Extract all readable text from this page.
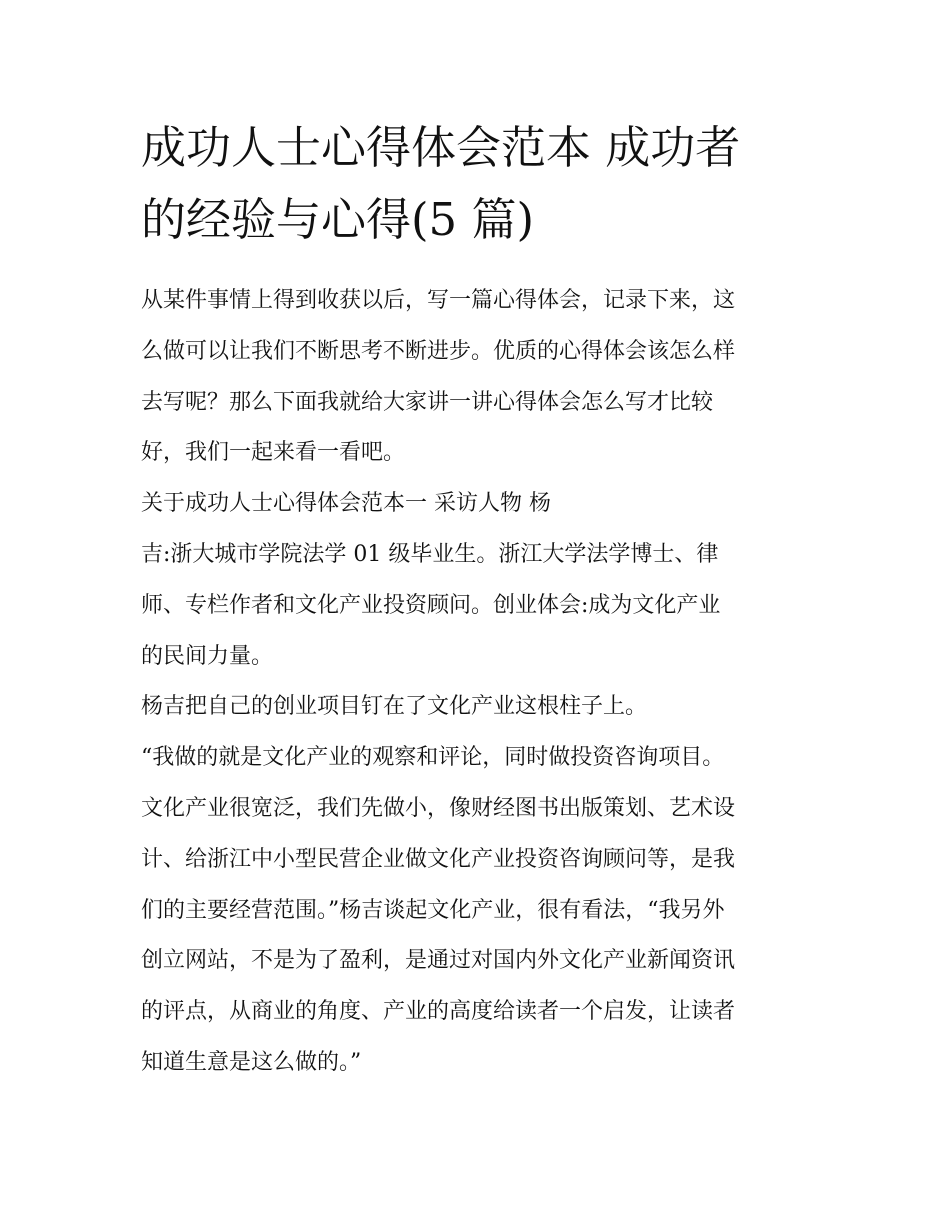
成功人士心得体会范本 成功者
的经验与心得(5 篇)
从某件事情上得到收获以后，写一篇心得体会，记录下来，这
么做可以让我们不断思考不断进步。优质的心得体会该怎么样
去写呢？那么下面我就给大家讲一讲心得体会怎么写才比较
好，我们一起来看一看吧。
关于成功人士心得体会范本一 采访人物 杨
吉:浙大城市学院法学 01 级毕业生。浙江大学法学博士、律
师、专栏作者和文化产业投资顾问。创业体会:成为文化产业
的民间力量。
杨吉把自己的创业项目钉在了文化产业这根柱子上。
“我做的就是文化产业的观察和评论，同时做投资咨询项目。
文化产业很宽泛，我们先做小，像财经图书出版策划、艺术设
计、给浙江中小型民营企业做文化产业投资咨询顾问等，是我
们的主要经营范围。”杨吉谈起文化产业，很有看法，“我另外
创立网站，不是为了盈利，是通过对国内外文化产业新闻资讯
的评点，从商业的角度、产业的高度给读者一个启发，让读者
知道生意是这么做的。”
